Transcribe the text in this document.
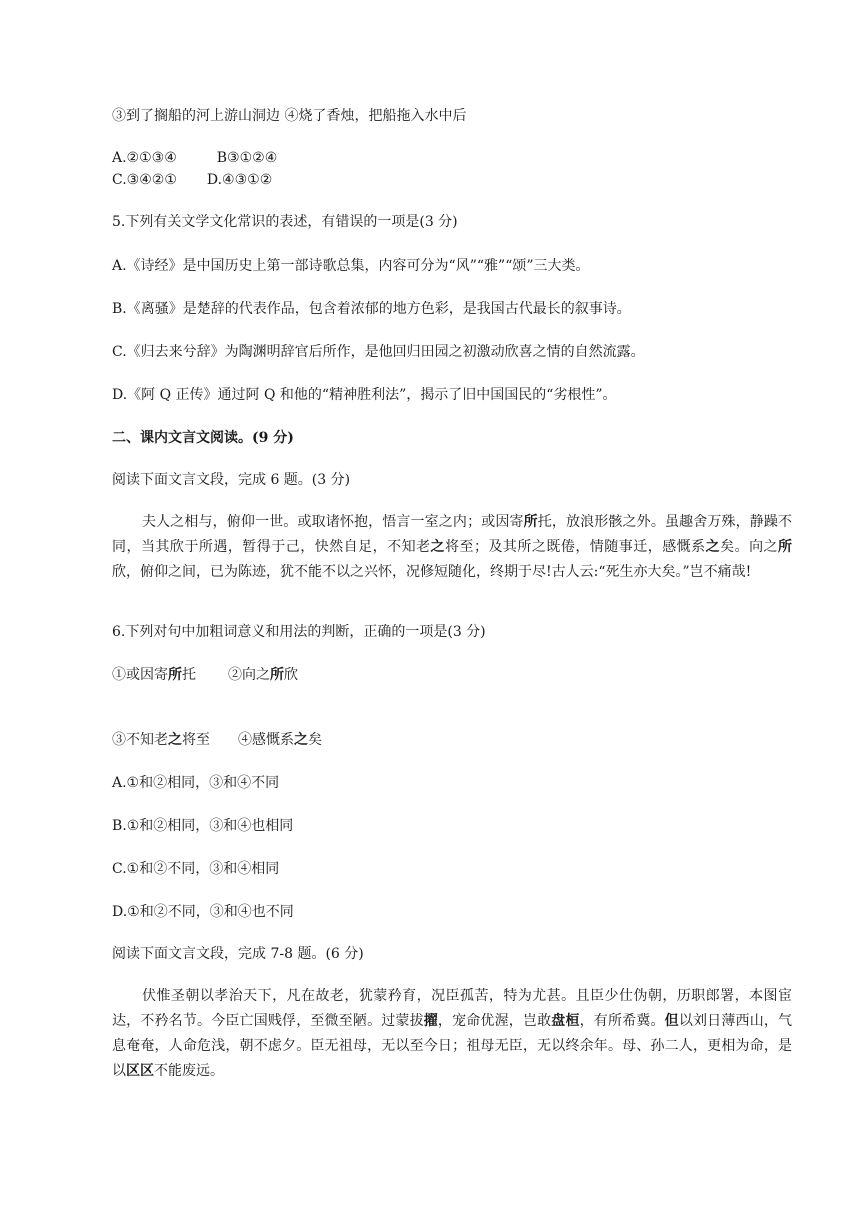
③到了搁船的河上游山洞边 ④烧了香烛，把船拖入水中后
A.②①③④	B③①②④
C.③④②① D.④③①②
5.下列有关文学文化常识的表述，有错误的一项是(3 分)
A.《诗经》是中国历史上第一部诗歌总集，内容可分为“风”“雅”“颂”三大类。
B.《离骚》是楚辞的代表作品，包含着浓郁的地方色彩，是我国古代最长的叙事诗。
C.《归去来兮辞》为陶渊明辞官后所作，是他回归田园之初激动欣喜之情的自然流露。
D.《阿 Q 正传》通过阿 Q 和他的“精神胜利法”，揭示了旧中国国民的“劣根性”。
二、课内文言文阅读。(9 分)
阅读下面文言文段，完成 6 题。(3 分)
夫人之相与，俯仰一世。或取诸怀抱，悟言一室之内；或因寄所托，放浪形骸之外。虽趣舍万殊，静躁不同，当其欣于所遇，暂得于己，快然自足，不知老之将至；及其所之既倦，情随事迁，感慨系之矣。向之所欣，俯仰之间，已为陈迹，犹不能不以之兴怀，况修短随化，终期于尽!古人云:“死生亦大矣。”岂不痛哉!
6.下列对句中加粗词意义和用法的判断，正确的一项是(3 分)
①或因寄所托 ②向之所欣
③不知老之将至 ④感慨系之矣
A.①和②相同，③和④不同
B.①和②相同，③和④也相同
C.①和②不同，③和④相同
D.①和②不同，③和④也不同
阅读下面文言文段，完成 7-8 题。(6 分)
伏惟圣朝以孝治天下，凡在故老，犹蒙矜育，况臣孤苦，特为尤甚。且臣少仕伪朝，历职郎署，本图宦达，不矜名节。今臣亡国贱俘，至微至陋。过蒙拔擢，宠命优渥，岂敢盘桓，有所希冀。但以刘日薄西山，气息奄奄，人命危浅，朝不虑夕。臣无祖母，无以至今日；祖母无臣，无以终余年。母、孙二人，更相为命，是以区区不能废远。
